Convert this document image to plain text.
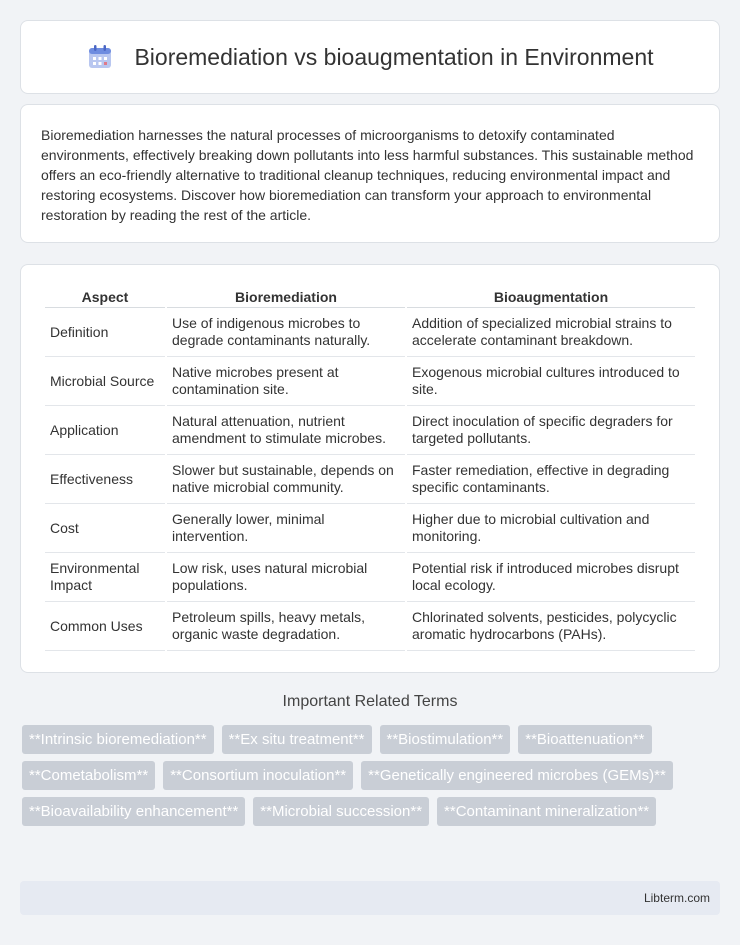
Bioremediation vs bioaugmentation in Environment

Bioremediation harnesses the natural processes of microorganisms to detoxify contaminated environments, effectively breaking down pollutants into less harmful substances. This sustainable method offers an eco-friendly alternative to traditional cleanup techniques, reducing environmental impact and restoring ecosystems. Discover how bioremediation can transform your approach to environmental restoration by reading the rest of the article.

Aspect	Bioremediation	Bioaugmentation
Definition	Use of indigenous microbes to degrade contaminants naturally.	Addition of specialized microbial strains to accelerate contaminant breakdown.
Microbial Source	Native microbes present at contamination site.	Exogenous microbial cultures introduced to site.
Application	Natural attenuation, nutrient amendment to stimulate microbes.	Direct inoculation of specific degraders for targeted pollutants.
Effectiveness	Slower but sustainable, depends on native microbial community.	Faster remediation, effective in degrading specific contaminants.
Cost	Generally lower, minimal intervention.	Higher due to microbial cultivation and monitoring.
Environmental Impact	Low risk, uses natural microbial populations.	Potential risk if introduced microbes disrupt local ecology.
Common Uses	Petroleum spills, heavy metals, organic waste degradation.	Chlorinated solvents, pesticides, polycyclic aromatic hydrocarbons (PAHs).
Important Related Terms
**Intrinsic bioremediation**	**Ex situ treatment**	**Biostimulation**	**Bioattenuation**
**Cometabolism**	**Consortium inoculation**	**Genetically engineered microbes (GEMs)**
**Bioavailability enhancement**	**Microbial succession**	**Contaminant mineralization**
Libterm.com
